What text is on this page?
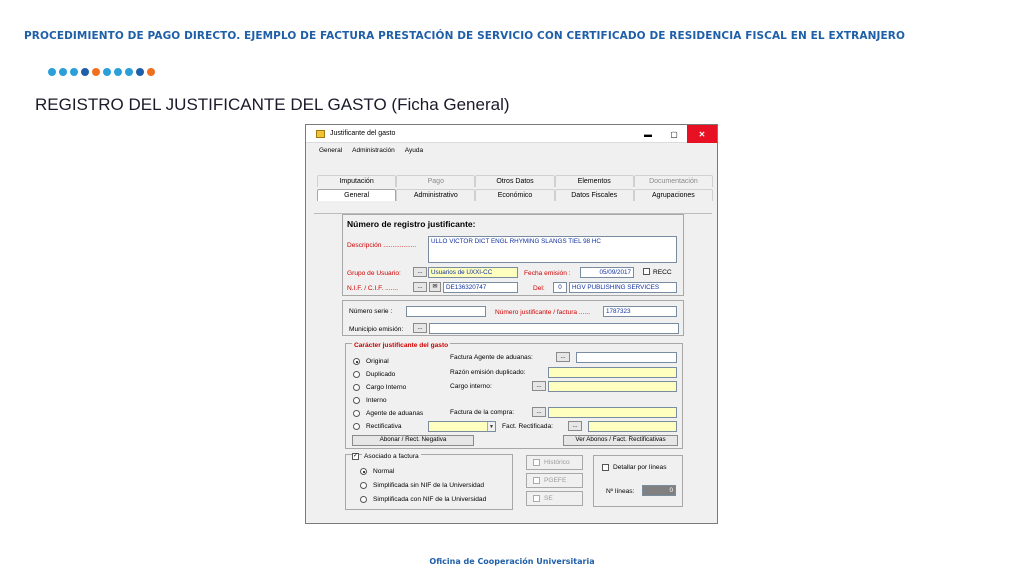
PROCEDIMIENTO DE PAGO DIRECTO. EJEMPLO DE FACTURA PRESTACIÓN DE SERVICIO CON CERTIFICADO DE RESIDENCIA FISCAL EN EL EXTRANJERO
REGISTRO DEL JUSTIFICANTE DEL GASTO (Ficha General)
Justificante del gasto	▬	▢	✕
General Administración Ayuda
Imputación	Pago	Otros Datos	Elementos	Documentación
General	Administrativo	Económico	Datos Fiscales	Agrupaciones
Número de registro justificante:
Descripción ..................
ULLO VICTOR DICT ENGL RHYMING SLANGS TIEL 98 HC
Grupo de Usuario:	...	Usuarios de UXXI-CC	Fecha emisión :	05/09/2017	RECC
N.I.F. / C.I.F. .......	...	✉	DE136320747	Del:	0	HGV PUBLISHING SERVICES
Número serie :	Número justificante / factura ......	1787323
Municipio emisión:	...
Carácter justificante del gasto
Original
Duplicado
Cargo Interno
Interno
Agente de aduanas
Rectificativa	▼
Factura Agente de aduanas:	...
Razón emisión duplicado:
Cargo interno:	...
Factura de la compra:	...
Fact. Rectificada:	...
Abonar / Rect. Negativa	Ver Abonos / Fact. Rectificativas
✓ Asociado a factura
Normal
Simplificada sin NIF de la Universidad
Simplificada con NIF de la Universidad
Histórico
PGEFE
SE
Detallar por líneas
Nº líneas:	0
Oficina de Cooperación Universitaria
